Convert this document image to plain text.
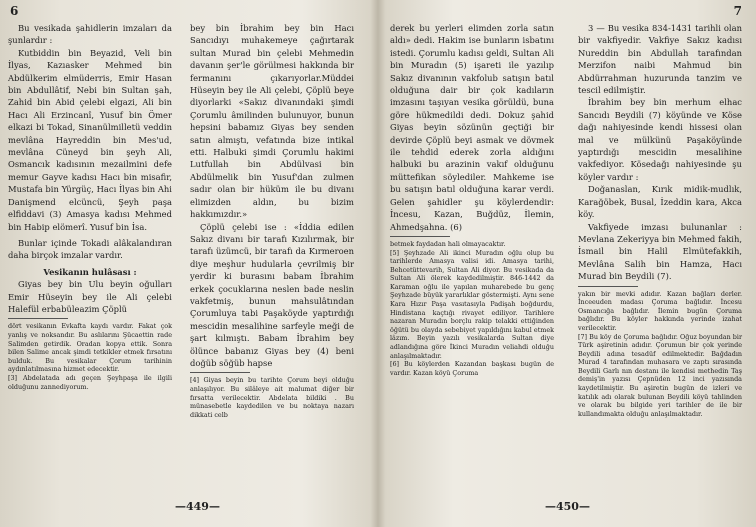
6

Bu vesikada şahidlerin imzaları da şunlardır :

Kutbiddin bin Beyazid, Veli bin İlyas, Kazıasker Mehmed bin Abdülkerim elmüderris, Emir Hasan bin Abdullâtif, Nebi bin Sultan şah, Zahid bin Abid çelebi elgazi, Ali bin Hacı Ali Erzincanî, Yusuf bin Ömer elkazi bi Tokad, Sinanülmilletü veddin mevlâna Hayreddin bin Mes'ud, mevlâna Cüneyd bin şeyh Ali, Osmancık kadısının mezailmini defe memur Gayve kadısı Hacı bin misafir, Mustafa bin Yürgüç, Hacı İlyas bin Ahi Danişmend elcüncü, Şeyh paşa elfiddavi (3) Amasya kadısı Mehmed bin Habip elömerî. Yusuf bin İsa.

Bunlar içinde Tokadi alâkalandıran daha birçok imzalar vardır.

Vesikanın hulâsası :

Giyas bey bin Ulu beyin oğulları Emir Hüseyin bey ile Ali çelebi Halefül erbabüleazim Çöplü

dört vesikanın Evkafta kaydı vardır. Fakat çok yanlış ve noksandır. Bu aslılarını Şücaettin rade Salimden getirdik. Oradan kopya ettik. Sonra bilen Salime ancak şimdi tetkikler etmek fırsatını bulduk. Bu vesikalar Çorum tarihinin aydınlatılmasına hizmet edecektir.

[3] Abdelatada adı geçen Şeyhpaşa ile ilgili olduğunu zannediyorum.

bey bin İbrahim bey bin Hacı Sancıdıyı muhakemeye çağırtarak sultan Murad bin çelebi Mehmedin davanın şer'le görülmesi hakkında bir fermanını çıkarıyorlar.Müddei Hüseyin bey ile Ali çelebi, Çöplü beye diyorlarki «Sakız divanındaki şimdi Çorumlu âmilinden bulunuyor, bunun hepsini babamız Giyas bey senden satın almıştı, vefatında bize intikal etti. Halbuki şimdi Çorumlu hakimi Lutfullah bin Abdülvasi bin Abdülmelik bin Yusuf'dan zulmen sadır olan bir hüküm ile bu divanı elimizden aldın, bu bizim hakkımızdır.»

Çöplü çelebi ise : «İddia edilen Sakız divanı bir tarafı Kızılırmak, bir tarafı üzümcü, bir tarafı da Kırmeroen diye meşhur hudularla çevrilmiş bir yerdir ki burasını babam İbrahim erkek çocuklarına neslen bade neslin vakfetmiş, bunun mahsulâtından Çorumluya tabi Paşaköyde yaptırdığı mescidin mesalihine sarfeyle meği de şart kılmıştı. Babam İbrahim bey ölünce babanız Giyas bey (4) beni doğüb söğüb hapse

[4] Giyas beyin bu tarihte Çorum beyi olduğu anlaşılıyor. Bu silâleye ait malumat diğer bir fırsatta verilecektir. Abdelata bildiki . Bu münasebetle kaydedilen ve bu noktaya nazarı dikkati celb

—449—
7

derek bu yerleri elimden zorla satın aldı» dedi. Hakim ise bunların isbatını istedi. Çorumlu kadısı geldi, Sultan Ali bin Muradın (5) işareti ile yazılıp Sakız divanının vakfolub satışın batıl olduğuna dair bir çok kadıların imzasını taşıyan vesika görüldü, buna göre hükmedildi dedi. Dokuz şahid Giyas beyin sözünün geçtiği bir devirde Çöplü beyi asmak ve dövmek ile tehdid ederek zorla aldığını halbuki bu arazinin vakıf olduğunu müttefikan söylediler. Mahkeme ise bu satışın batıl olduğuna karar verdi. Gelen şahidler şu köylerdendir: İncesu, Kazan, Buğdüz, İlemin, Ahmedşahna. (6)

betmek faydadan hali olmayacaktır.

[5] Şeyhzade Ali ikinci Muradın oğlu olup bu tarihlerde Amasya valisi idi. Amasya tarihi, Behcetüttevarih, Sultan Ali diyor. Bu vesikada da Sultan Ali ölerek kaydedilmiştir. 846-1442 da Karaman oğlu ile yapılan muharebede bu genç Şeyhzade büyük yararlıklar göstermişti. Aynı sene Kara Hızır Paşa vasıtasıyla Padişah boğdurdu, Hindistana kaçtığı rivayet ediliyor. Tarihlere nazaran Muradın borçlu rakip telakki ettiğinden öğütü bu olayda sebebiyet yapıldığını kabul etmek lâzım. Beyin yazılı vesikalarda Sultan diye adlandığına göre İkinci Muradın veliahdi olduğu anlaşılmaktadır.

[6] Bu köylerden Kazandan başkası bugün de vardır. Kazan köyü Çoruma

3 — Bu vesika 834-1431 tarihli olan bir vakfiyedir. Vakfiye Sakız kadısı Nureddin bin Abdullah tarafından Merzifon naibi Mahmud bin Abdürrahman huzurunda tanzim ve tescil edilmiştir.

İbrahim bey bin merhum elhac Sancıdı Beydili (7) köyünde ve Köse dağı nahiyesinde kendi hissesi olan mal ve mülkünü Paşaköyünde yaptırdığı mescidin mesalihine vakfediyor. Kösedağı nahiyesinde şu köyler vardır :

Doğanaslan, Kırık midik-mudlık, Karağöbek, Busal, İzeddin kara, Akca köy.

Vakfiyede imzası bulunanlar : Mevlana Zekeriyya bin Mehmed fakih, İsmail bin Halil Elmütefakkih, Mevlâna Salih bin Hamza, Hacı Murad bin Beydili (7).

yakın bir mevki adıdır. Kazan bağları derler. İnceeuden madası Çoruma bağlıdır. İncesu Osmancığa bağlıdır. İlemin bugün Çoruma bağlıdır. Bu köyler hakkında yerinde izahat verilecektir.

[7] Bu köy de Çoruma bağlıdır. Oğuz boyundan bir Türk aşiretinin adıdır. Çorumun bir çok yerinde Beydili adına tesadüf edilmektedir. Bağdadın Murad 4 tarafından muhasara ve zaptı sırasında Beydili Garlı nın destanı ile kendisi methedin Taş demiş'in yazısı Çepnüden 12 inci yazısında kaydetilmiştir. Bu aşiretin bugün de izleri ve katılık adı olarak bulunan Beydili köyü tahlinden ve olarak bu bilgide yeri tarihler de ile bir kullandımakta olduğu anlaşılmaktadır.

—450—
